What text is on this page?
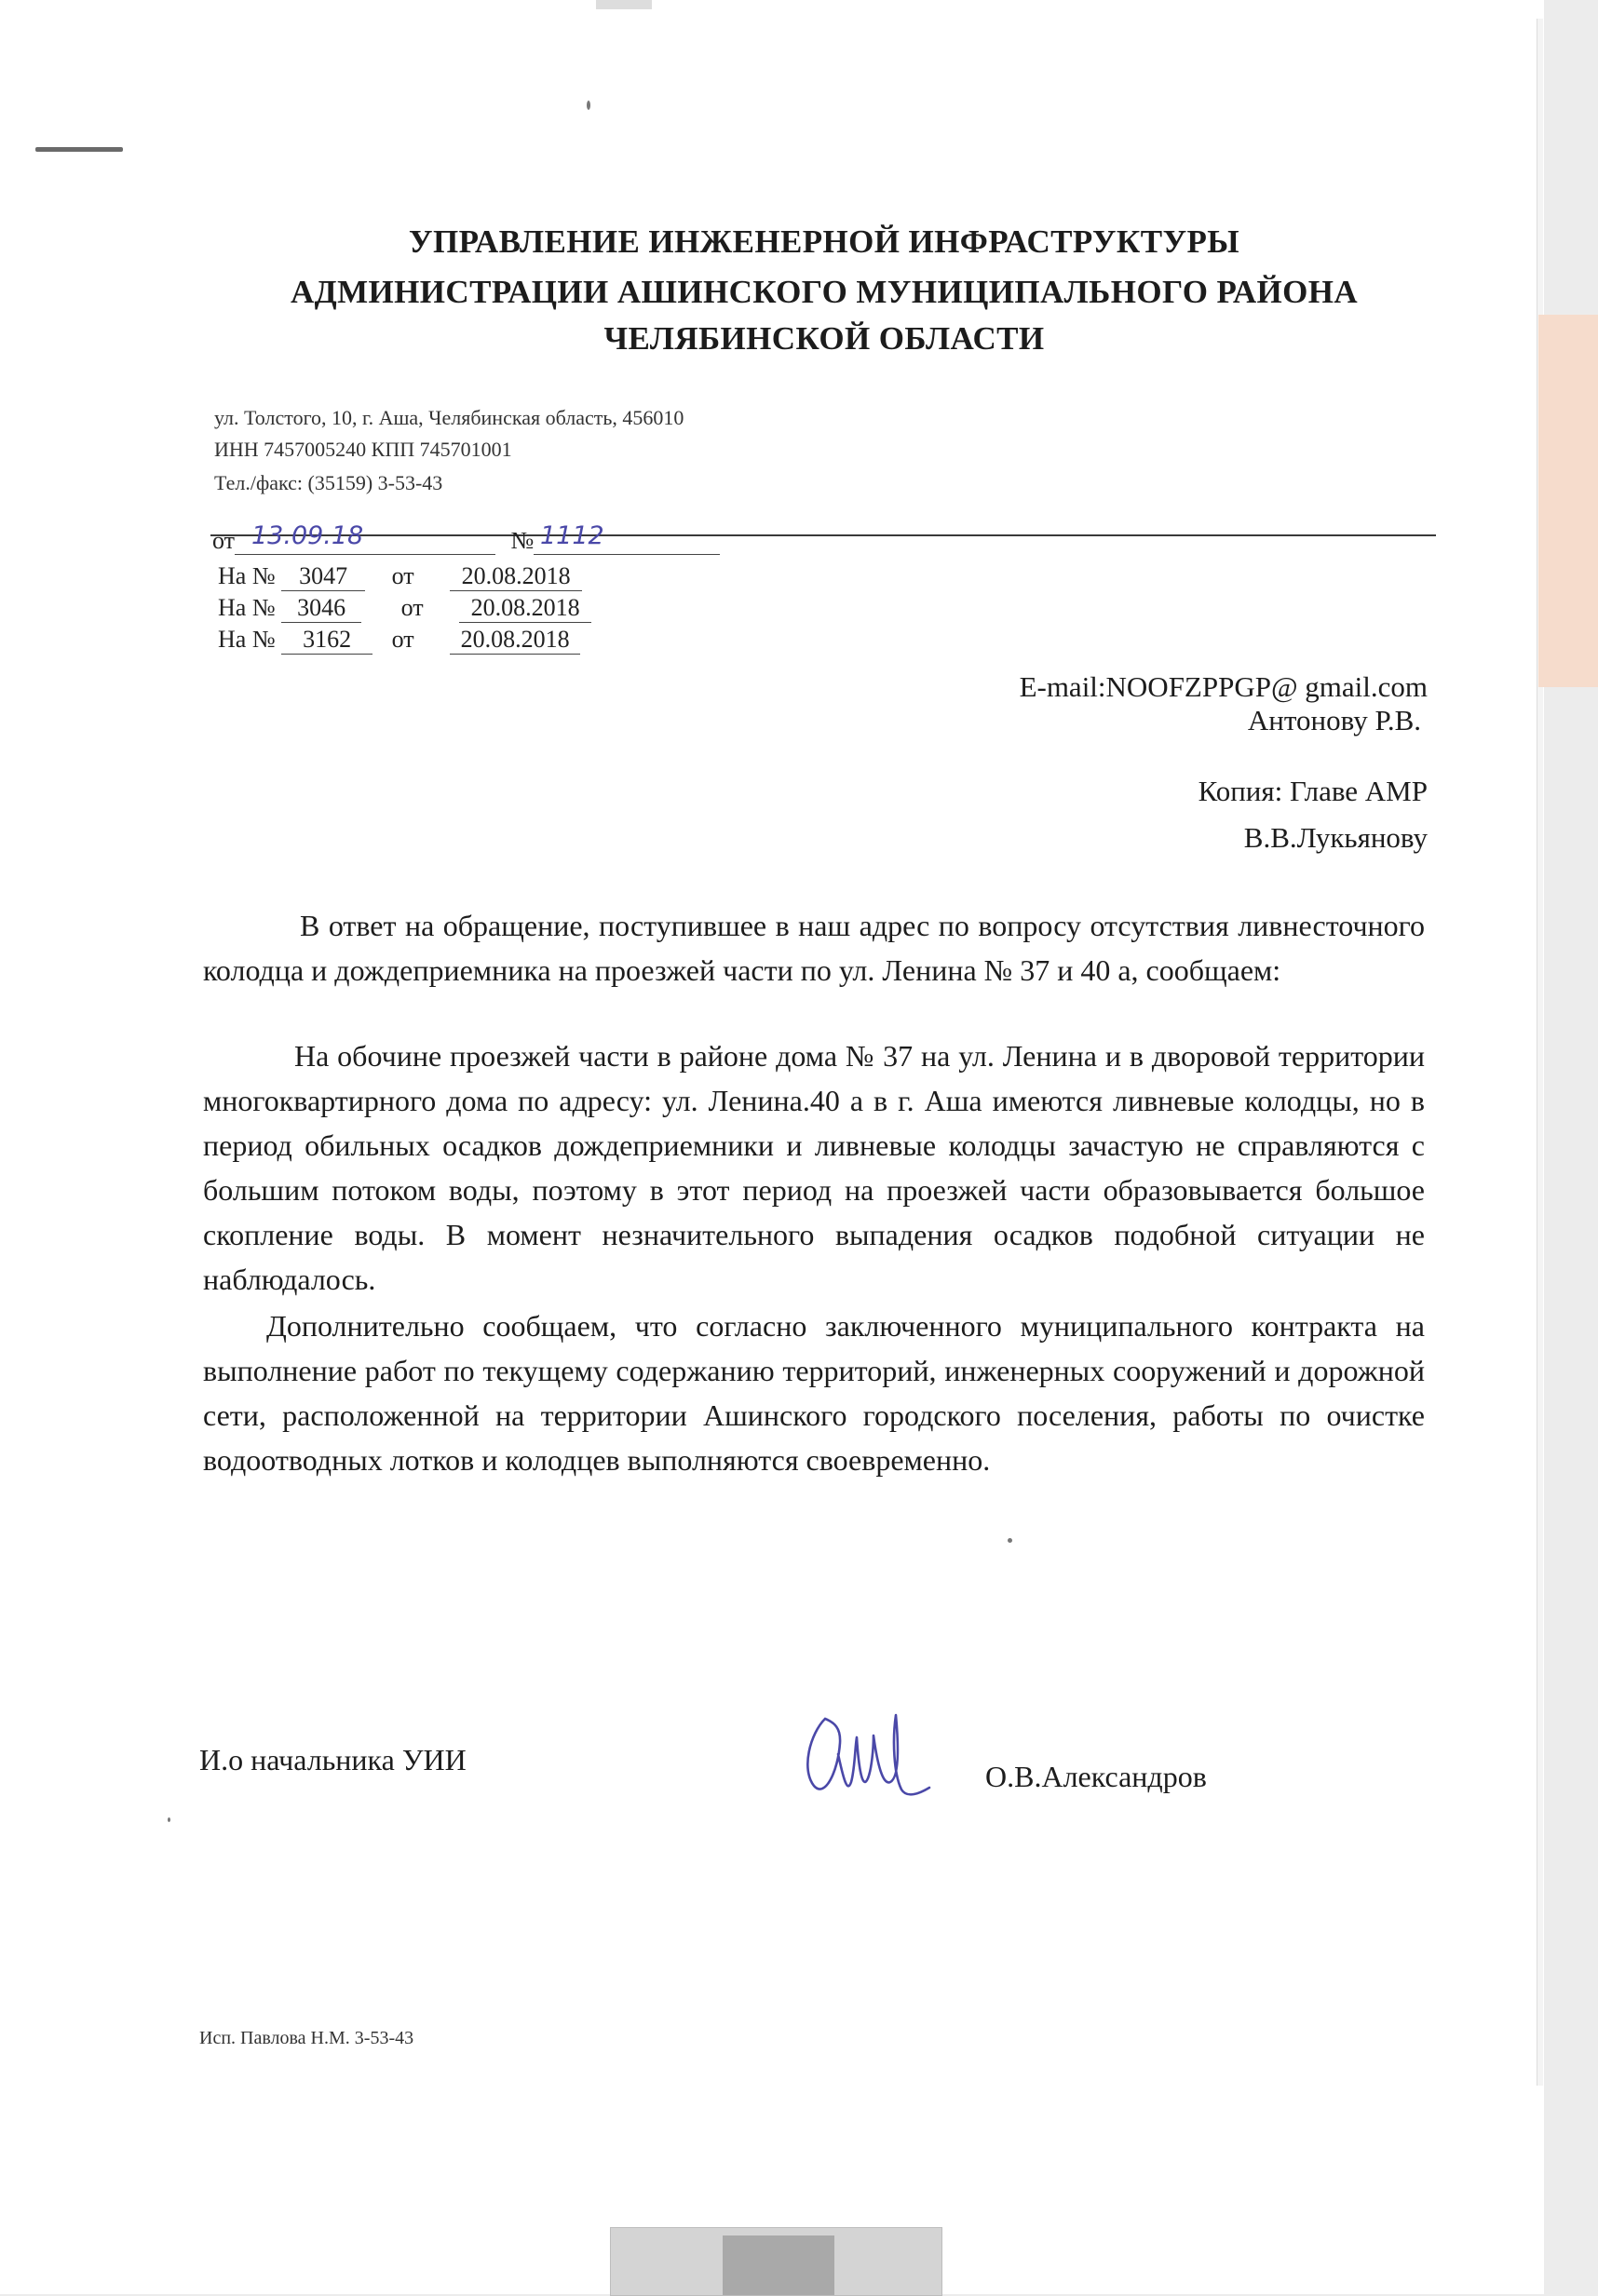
УПРАВЛЕНИЕ ИНЖЕНЕРНОЙ ИНФРАСТРУКТУРЫ
АДМИНИСТРАЦИИ АШИНСКОГО МУНИЦИПАЛЬНОГО РАЙОНА
ЧЕЛЯБИНСКОЙ ОБЛАСТИ
ул. Толстого, 10, г. Аша, Челябинская область, 456010
ИНН 7457005240 КПП 745701001
Тел./факс: (35159) 3-53-43
от	№
13.09.18	1112
На № 3047 от 20.08.2018
На № 3046 от 20.08.2018
На № 3162 от 20.08.2018
E-mail:NOOFZPPGP@ gmail.com
Антонову Р.В.
Копия: Главе АМР
В.В.Лукьянову
В ответ на обращение, поступившее в наш адрес по вопросу отсутствия ливнесточного колодца и дождеприемника на проезжей части по ул. Ленина № 37 и 40 а, сообщаем:
На обочине проезжей части в районе дома № 37 на ул. Ленина и в дворовой территории многоквартирного дома по адресу: ул. Ленина.40 а в г. Аша имеются ливневые колодцы, но в период обильных осадков дождеприемники и ливневые колодцы зачастую не справляются с большим потоком воды, поэтому в этот период на проезжей части образовывается большое скопление воды. В момент незначительного выпадения осадков подобной ситуации не наблюдалось.
Дополнительно сообщаем, что согласно заключенного муниципального контракта на выполнение работ по текущему содержанию территорий, инженерных сооружений и дорожной сети, расположенной на территории Ашинского городского поселения, работы по очистке водоотводных лотков и колодцев выполняются своевременно.
И.о начальника УИИ	О.В.Александров
Исп. Павлова Н.М. 3-53-43
